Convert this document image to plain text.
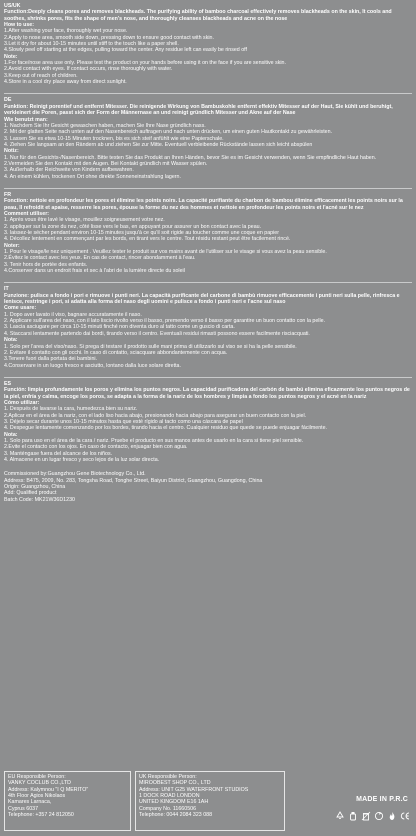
US/UK
Function:Deeply cleans pores and removes blackheads. The purifying ability of bamboo charcoal effectively removes blackheads on the skin, It cools and soothes, shrinks pores, fits the shape of men's nose, and thoroughly cleanses blackheads and acne on the nose
How to use:
1.After washing your face, thoroughly wet your nose.
2.Apply to nose area, smooth side down, pressing down to ensure good contact with skin.
3.Let it dry for about 10-15 minutes until stiff to the touch like a paper shell.
4.Slowly peel off starting at the edges, pulling toward the center. Any residue left can easily be rinsed off
Note:
1.For face/nose area use only. Please test the product on your hands before using it on the face if you are sensitive skin.
2.Avoid contact with eyes. If contact occurs, rinse thoroughly with water.
3.Keep out of reach of children.
4.Store in a cool dry place away from direct sunlight.
DE
Funktion: Reinigt porentief und entfernt Mitesser. Die reinigende Wirkung von Bambuskohle entfernt effektiv Mitesser auf der Haut, Sie kühlt und beruhigt, verkleinert die Poren, passt sich der Form der Männernase an und reinigt gründlich Mitesser und Akne auf der Nase
Wie benutzt man:
1. Nachdem Sie Ihr Gesicht gewaschen haben, machen Sie Ihre Nase gründlich nass.
2. Mit der glatten Seite nach unten auf den Nasenbereich auftragen und nach unten drücken, um einen guten Hautkontakt zu gewährleisten.
3. Lassen Sie es etwa 10-15 Minuten trocknen, bis es sich steif anfühlt wie eine Papierschale.
4. Ziehen Sie langsam an den Rändern ab und ziehen Sie zur Mitte. Eventuell verbleibende Rückstände lassen sich leicht abspülen
Notiz:
1. Nur für den Gesichts-/Nasenbereich. Bitte testen Sie das Produkt an Ihren Händen, bevor Sie es im Gesicht verwenden, wenn Sie empfindliche Haut haben.
2.Vermeiden Sie den Kontakt mit den Augen. Bei Kontakt gründlich mit Wasser spülen.
3. Außerhalb der Reichweite von Kindern aufbewahren.
4. An einem kühlen, trockenen Ort ohne direkte Sonneneinstrahlung lagern.
FR
Fonction: nettoie en profondeur les pores et élimine les points noirs. La capacité purifiante du charbon de bambou élimine efficacement les points noirs sur la peau, Il refroidit et apaise, resserre les pores, épouse la forme du nez des hommes et nettoie en profondeur les points noirs et l'acné sur le nez
Comment utiliser:
1. Après vous être lavé le visage, mouillez soigneusement votre nez.
2. appliquer sur la zone du nez, côté lisse vers le bas, en appuyant pour assurer un bon contact avec la peau.
3. laissez-le sécher pendant environ 10-15 minutes jusqu'à ce qu'il soit rigide au toucher comme une coque en papier
4. Décollez lentement en commençant par les bords, en tirant vers le centre. Tout résidu restant peut être facilement rincé.
Noter:
1. Pour le visage/le nez uniquement . Veuillez tester le produit sur vos mains avant de l'utiliser sur le visage si vous avez la peau sensible.
2.Évitez le contact avec les yeux. En cas de contact, rincer abondamment à l'eau.
3. Tenir hors de portée des enfants.
4.Conserver dans un endroit frais et sec à l'abri de la lumière directe du soleil
IT
Funzione: pulisce a fondo i pori e rimuove i punti neri. La capacità purificante del carbone di bambù rimuove efficacemente i punti neri sulla pelle, rinfresca e lenisce, restringe i pori, si adatta alla forma del naso degli uomini e pulisce a fondo i punti neri e l'acne sul naso
Come usare:
1. Dopo aver lavato il viso, bagnare accuratamente il naso.
2. Applicare sull'area del naso, con il lato liscio rivolto verso il basso, premendo verso il basso per garantire un buon contatto con la pelle.
3. Lascia asciugare per circa 10-15 minuti finché non diventa duro al tatto come un guscio di carta.
4. Staccarsi lentamente partendo dai bordi, tirando verso il centro. Eventuali residui rimasti possono essere facilmente risciacquati.
Nota:
1. Solo per l'area del viso/naso. Si prega di testare il prodotto sulle mani prima di utilizzarlo sul viso se si ha la pelle sensibile.
2. Evitare il contatto con gli occhi. In caso di contatto, sciacquare abbondantemente con acqua.
3.Tenere fuori dalla portata dei bambini.
4.Conservare in un luogo fresco e asciutto, lontano dalla luce solare diretta.
ES
Función: limpia profundamente los poros y elimina los puntos negros. La capacidad purificadora del carbón de bambú elimina eficazmente los puntos negros de la piel, enfría y calma, encoge los poros, se adapta a la forma de la nariz de los hombres y limpia a fondo los puntos negros y el acné en la nariz
Cómo utilizar:
1. Después de lavarse la cara, humedezca bien su nariz.
2.Aplicar en el área de la nariz, con el lado liso hacia abajo, presionando hacia abajo para asegurar un buen contacto con la piel.
3. Déjelo secar durante unos 10-15 minutos hasta que esté rígido al tacto como una cáscara de papel
4. Despegue lentamente comenzando por los bordes, tirando hacia el centro. Cualquier residuo que quede se puede enjuagar fácilmente.
Nota:
1. Solo para uso en el área de la cara / nariz. Pruebe el producto en sus manos antes de usarlo en la cara si tiene piel sensible.
2.Evite el contacto con los ojos. En caso de contacto, enjuagar bien con agua.
3. Manténgase fuera del alcance de los niños.
4. Almacene en un lugar fresco y seco lejos de la luz solar directa.
Commissioned by:Guangzhou Gene Biotechnology Co., Ltd.
Address: B475, 2009, No. 283, Tongsha Road, Tonghe Street, Baiyun District, Guangzhou, Guangdong, China
Origin: Guangzhou, China
Add: Qualified product
Batch Code: MK21W36D1230
EU Responsible Person:
VANKY COCLUB CO.,LTD
Address: Kalymnou "I Q MERITO"
4th Floor Agios Nikolaos
Kamares Larnaca,
Cyprus 6037
Telephone: +357 24 812050
UK Responsible Person:
MIROOBEST SHOP CO., LTD
Address: UNIT G25 WATERFRONT STUDIOS
1 DOCK ROAD LONDON
UNITED KINGDOM E16 1AH
Company No. 11660506
Telephone: 0044 2084 323 088
MADE IN P.R.C
